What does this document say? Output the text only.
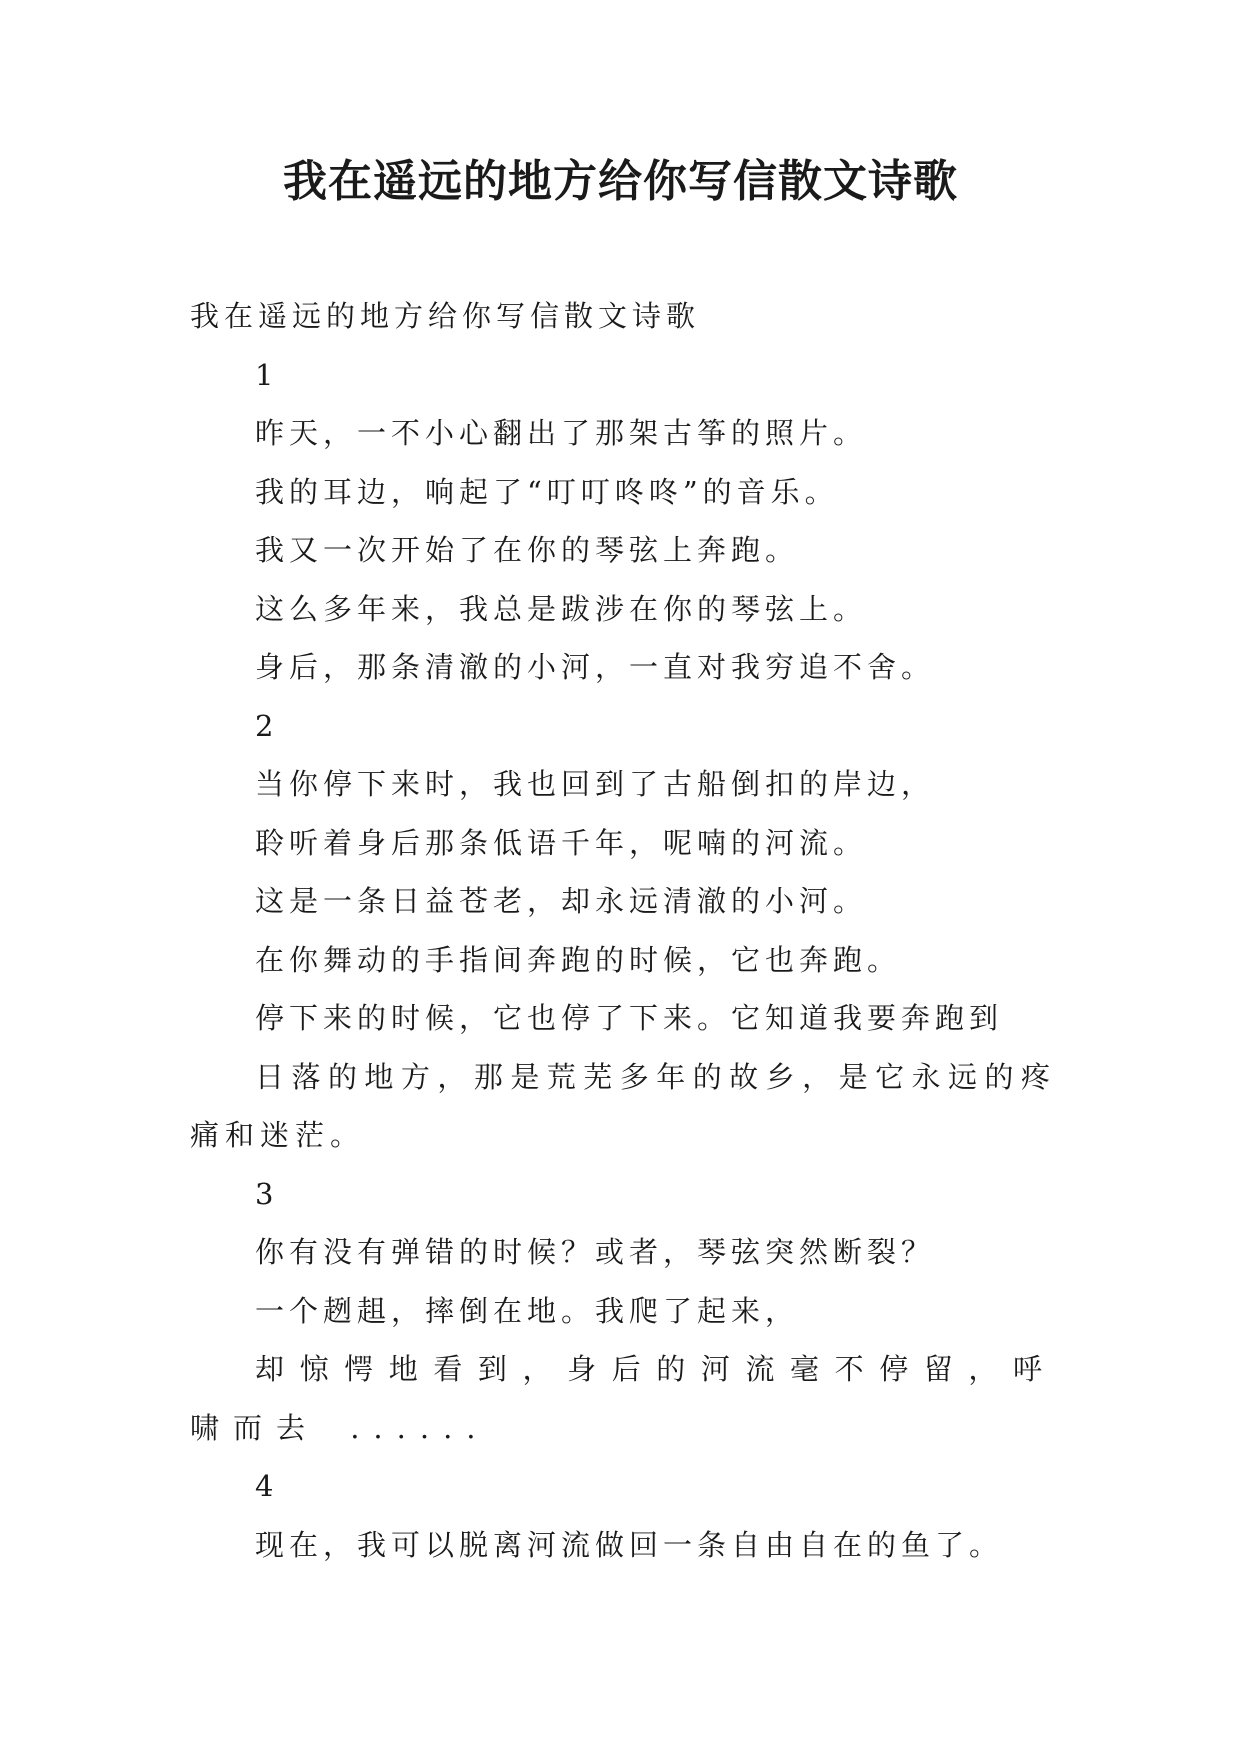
我在遥远的地方给你写信散文诗歌

我在遥远的地方给你写信散文诗歌

1

昨天，一不小心翻出了那架古筝的照片。

我的耳边，响起了“叮叮咚咚”的音乐。

我又一次开始了在你的琴弦上奔跑。

这么多年来，我总是跋涉在你的琴弦上。

身后，那条清澈的小河，一直对我穷追不舍。

2

当你停下来时，我也回到了古船倒扣的岸边，

聆听着身后那条低语千年，呢喃的河流。

这是一条日益苍老，却永远清澈的小河。

在你舞动的手指间奔跑的时候，它也奔跑。

停下来的时候，它也停了下来。它知道我要奔跑到

日落的地方，那是荒芜多年的故乡，是它永远的疼痛和迷茫。

3

你有没有弹错的时候？或者，琴弦突然断裂？

一个趔趄，摔倒在地。我爬了起来，

却惊愕地看到，身后的河流毫不停留，呼啸而去 ......

4

现在，我可以脱离河流做回一条自由自在的鱼了。
